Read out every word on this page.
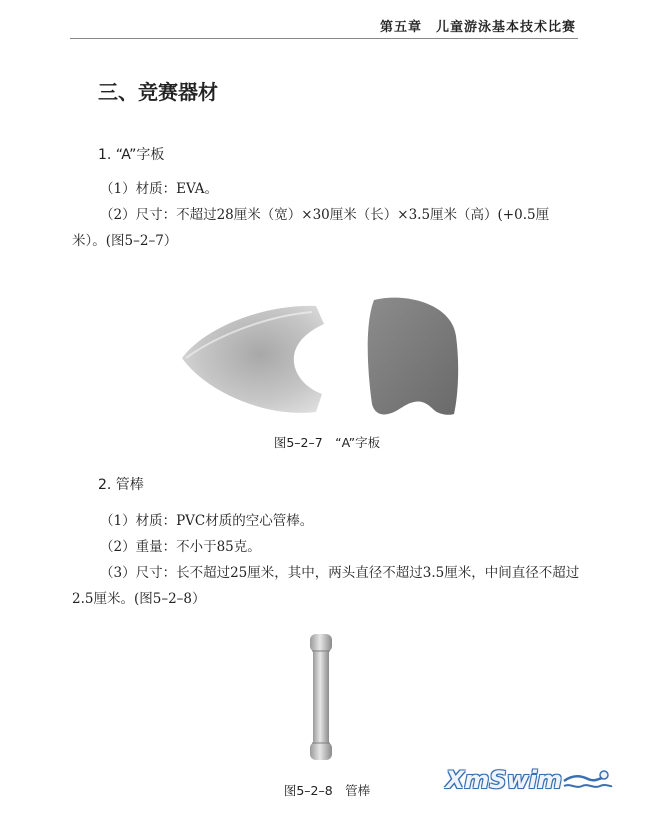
第五章　儿童游泳基本技术比赛
三、竞赛器材
1. “A”字板

（1）材质：EVA。

（2）尺寸：不超过28厘米（宽）×30厘米（长）×3.5厘米（高）(+0.5厘米）。(图5–2–7）

图5–2–7　“A”字板
2. 管棒

（1）材质：PVC材质的空心管棒。

（2）重量：不小于85克。

（3）尺寸：长不超过25厘米，其中，两头直径不超过3.5厘米，中间直径不超过2.5厘米。(图5–2–8）

图5–2–8　管棒	XmSwim
